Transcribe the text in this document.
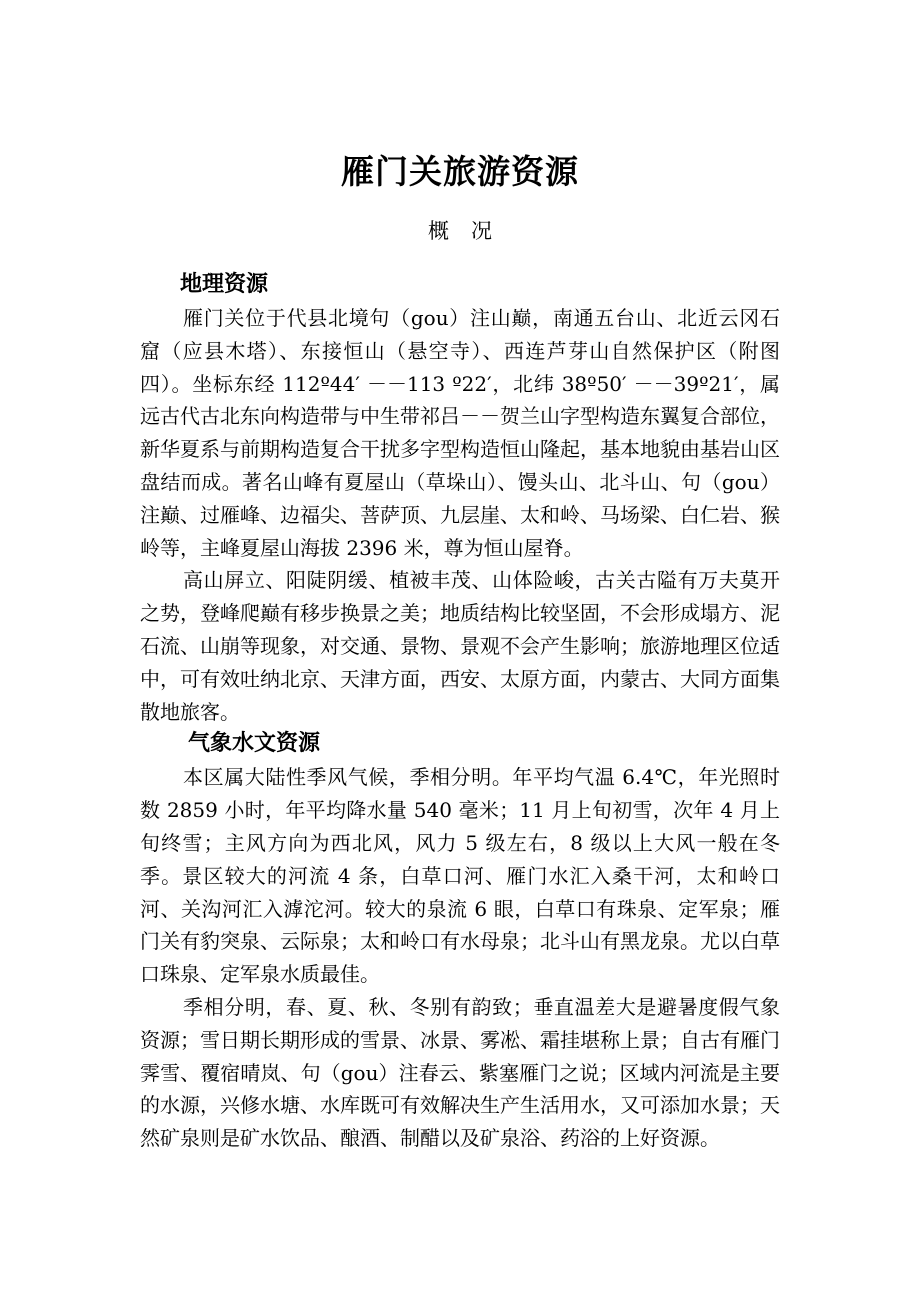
雁门关旅游资源
概况
地理资源

雁门关位于代县北境句（gou）注山巅，南通五台山、北近云冈石窟（应县木塔）、东接恒山（悬空寺）、西连芦芽山自然保护区（附图四）。坐标东经 112º44′ －－113 º22′，北纬 38º50′ －－39º21′，属远古代古北东向构造带与中生带祁吕－－贺兰山字型构造东翼复合部位，新华夏系与前期构造复合干扰多字型构造恒山隆起，基本地貌由基岩山区盘结而成。著名山峰有夏屋山（草垛山）、馒头山、北斗山、句（gou）注巅、过雁峰、边福尖、菩萨顶、九层崖、太和岭、马场梁、白仁岩、猴岭等，主峰夏屋山海拔 2396 米，尊为恒山屋脊。

高山屏立、阳陡阴缓、植被丰茂、山体险峻，古关古隘有万夫莫开之势，登峰爬巅有移步换景之美；地质结构比较坚固，不会形成塌方、泥石流、山崩等现象，对交通、景物、景观不会产生影响；旅游地理区位适中，可有效吐纳北京、天津方面，西安、太原方面，内蒙古、大同方面集散地旅客。

气象水文资源

本区属大陆性季风气候，季相分明。年平均气温 6.4℃，年光照时数 2859 小时，年平均降水量 540 毫米；11 月上旬初雪，次年 4 月上旬终雪；主风方向为西北风，风力 5 级左右，8 级以上大风一般在冬季。景区较大的河流 4 条，白草口河、雁门水汇入桑干河，太和岭口河、关沟河汇入滹沱河。较大的泉流 6 眼，白草口有珠泉、定军泉；雁门关有豹突泉、云际泉；太和岭口有水母泉；北斗山有黑龙泉。尤以白草口珠泉、定军泉水质最佳。

季相分明，春、夏、秋、冬别有韵致；垂直温差大是避暑度假气象资源；雪日期长期形成的雪景、冰景、雾凇、霜挂堪称上景；自古有雁门霁雪、覆宿晴岚、句（gou）注春云、紫塞雁门之说；区域内河流是主要的水源，兴修水塘、水库既可有效解决生产生活用水，又可添加水景；天然矿泉则是矿水饮品、酿酒、制醋以及矿泉浴、药浴的上好资源。
